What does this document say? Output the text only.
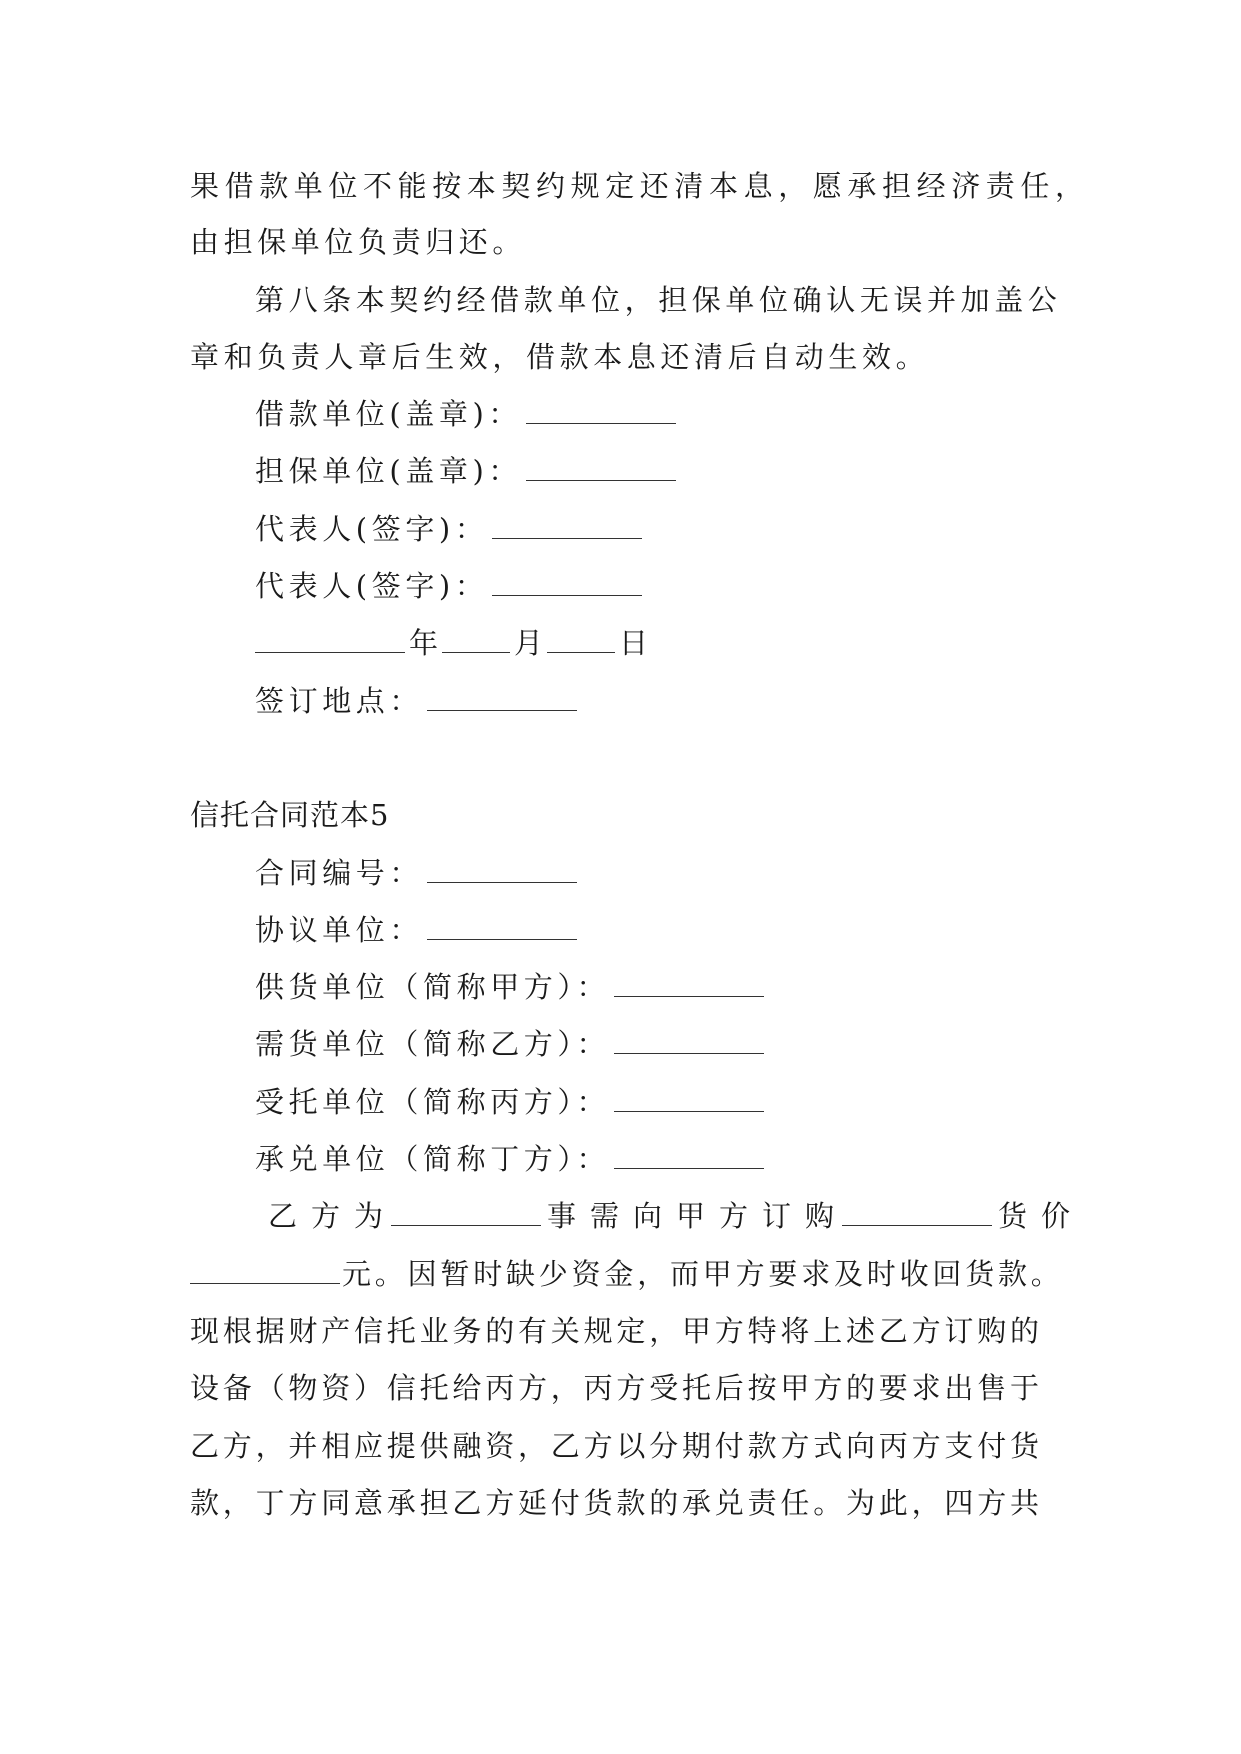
果借款单位不能按本契约规定还清本息，愿承担经济责任，
由担保单位负责归还。
第八条本契约经借款单位，担保单位确认无误并加盖公
章和负责人章后生效，借款本息还清后自动生效。
借款单位(盖章)：
担保单位(盖章)：
代表人(签字)：
代表人(签字)：
年	月	日
签订地点：
信托合同范本5
合同编号：
协议单位：
供货单位（简称甲方）：
需货单位（简称乙方）：
受托单位（简称丙方）：
承兑单位（简称丁方）：
乙方为	事需向甲方订购	货价
元。因暂时缺少资金，而甲方要求及时收回货款。
现根据财产信托业务的有关规定，甲方特将上述乙方订购的
设备（物资）信托给丙方，丙方受托后按甲方的要求出售于
乙方，并相应提供融资，乙方以分期付款方式向丙方支付货
款，丁方同意承担乙方延付货款的承兑责任。为此，四方共
